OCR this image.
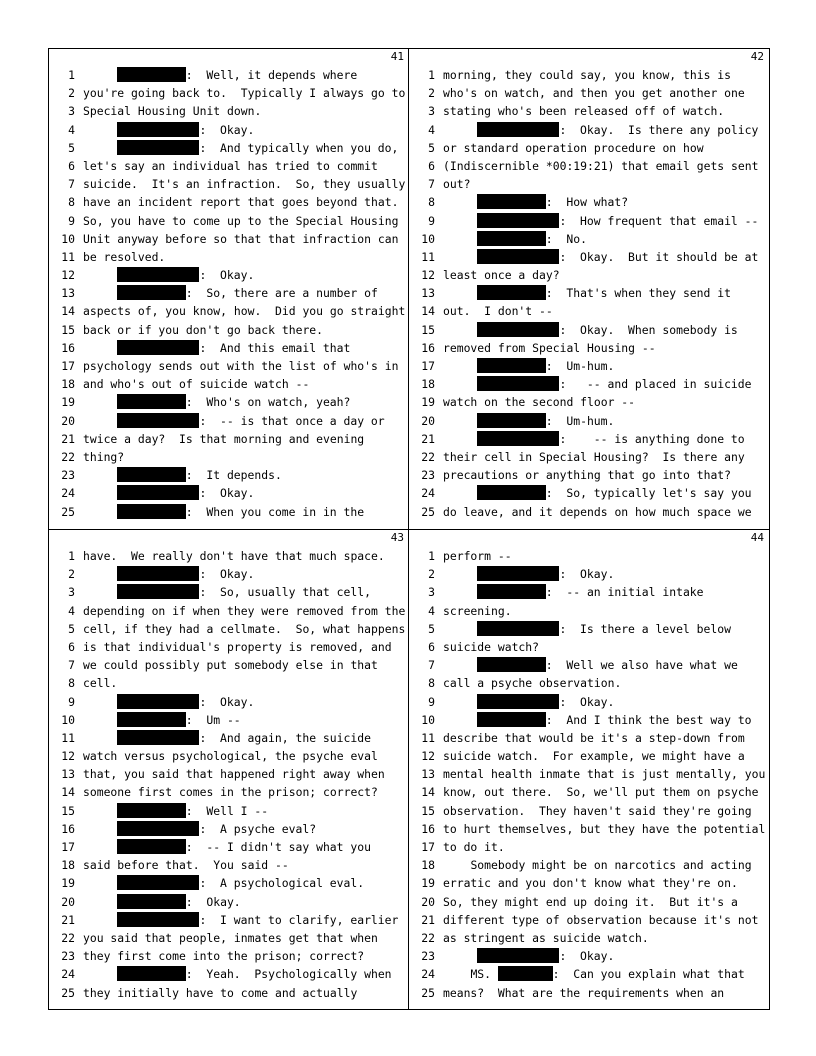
41
1	:  Well, it depends where
2 you're going back to.  Typically I always go to
3 Special Housing Unit down.
4	:  Okay.
5	:  And typically when you do,
6 let's say an individual has tried to commit
7 suicide.  It's an infraction.  So, they usually
8 have an incident report that goes beyond that.
9 So, you have to come up to the Special Housing
10 Unit anyway before so that that infraction can
11 be resolved.
12	:  Okay.
13	:  So, there are a number of
14 aspects of, you know, how.  Did you go straight
15 back or if you don't go back there.
16	:  And this email that
17 psychology sends out with the list of who's in
18 and who's out of suicide watch --
19	:  Who's on watch, yeah?
20	:  -- is that once a day or
21 twice a day?  Is that morning and evening
22 thing?
23	:  It depends.
24	:  Okay.
25	:  When you come in in the
42
1 morning, they could say, you know, this is
2 who's on watch, and then you get another one
3 stating who's been released off of watch.
4	:  Okay.  Is there any policy
5 or standard operation procedure on how
6 (Indiscernible *00:19:21) that email gets sent
7 out?
8	:  How what?
9	:  How frequent that email --
10	:  No.
11	:  Okay.  But it should be at
12 least once a day?
13	:  That's when they send it
14 out.  I don't --
15	:  Okay.  When somebody is
16 removed from Special Housing --
17	:  Um-hum.
18	:   -- and placed in suicide
19 watch on the second floor --
20	:  Um-hum.
21	:    -- is anything done to
22 their cell in Special Housing?  Is there any
23 precautions or anything that go into that?
24	:  So, typically let's say you
25 do leave, and it depends on how much space we
43
1 have.  We really don't have that much space.
2	:  Okay.
3	:  So, usually that cell,
4 depending on if when they were removed from the
5 cell, if they had a cellmate.  So, what happens
6 is that individual's property is removed, and
7 we could possibly put somebody else in that
8 cell.
9	:  Okay.
10	:  Um --
11	:  And again, the suicide
12 watch versus psychological, the psyche eval
13 that, you said that happened right away when
14 someone first comes in the prison; correct?
15	:  Well I --
16	:  A psyche eval?
17	:  -- I didn't say what you
18 said before that.  You said --
19	:  A psychological eval.
20	:  Okay.
21	:  I want to clarify, earlier
22 you said that people, inmates get that when
23 they first come into the prison; correct?
24	:  Yeah.  Psychologically when
25 they initially have to come and actually
44
1 perform --
2	:  Okay.
3	:  -- an initial intake
4 screening.
5	:  Is there a level below
6 suicide watch?
7	:  Well we also have what we
8 call a psyche observation.
9	:  Okay.
10	:  And I think the best way to
11 describe that would be it's a step-down from
12 suicide watch.  For example, we might have a
13 mental health inmate that is just mentally, you
14 know, out there.  So, we'll put them on psyche
15 observation.  They haven't said they're going
16 to hurt themselves, but they have the potential
17 to do it.
18	Somebody might be on narcotics and acting
19 erratic and you don't know what they're on.
20 So, they might end up doing it.  But it's a
21 different type of observation because it's not
22 as stringent as suicide watch.
23	:  Okay.
24	MS.	:  Can you explain what that
25 means?  What are the requirements when an
